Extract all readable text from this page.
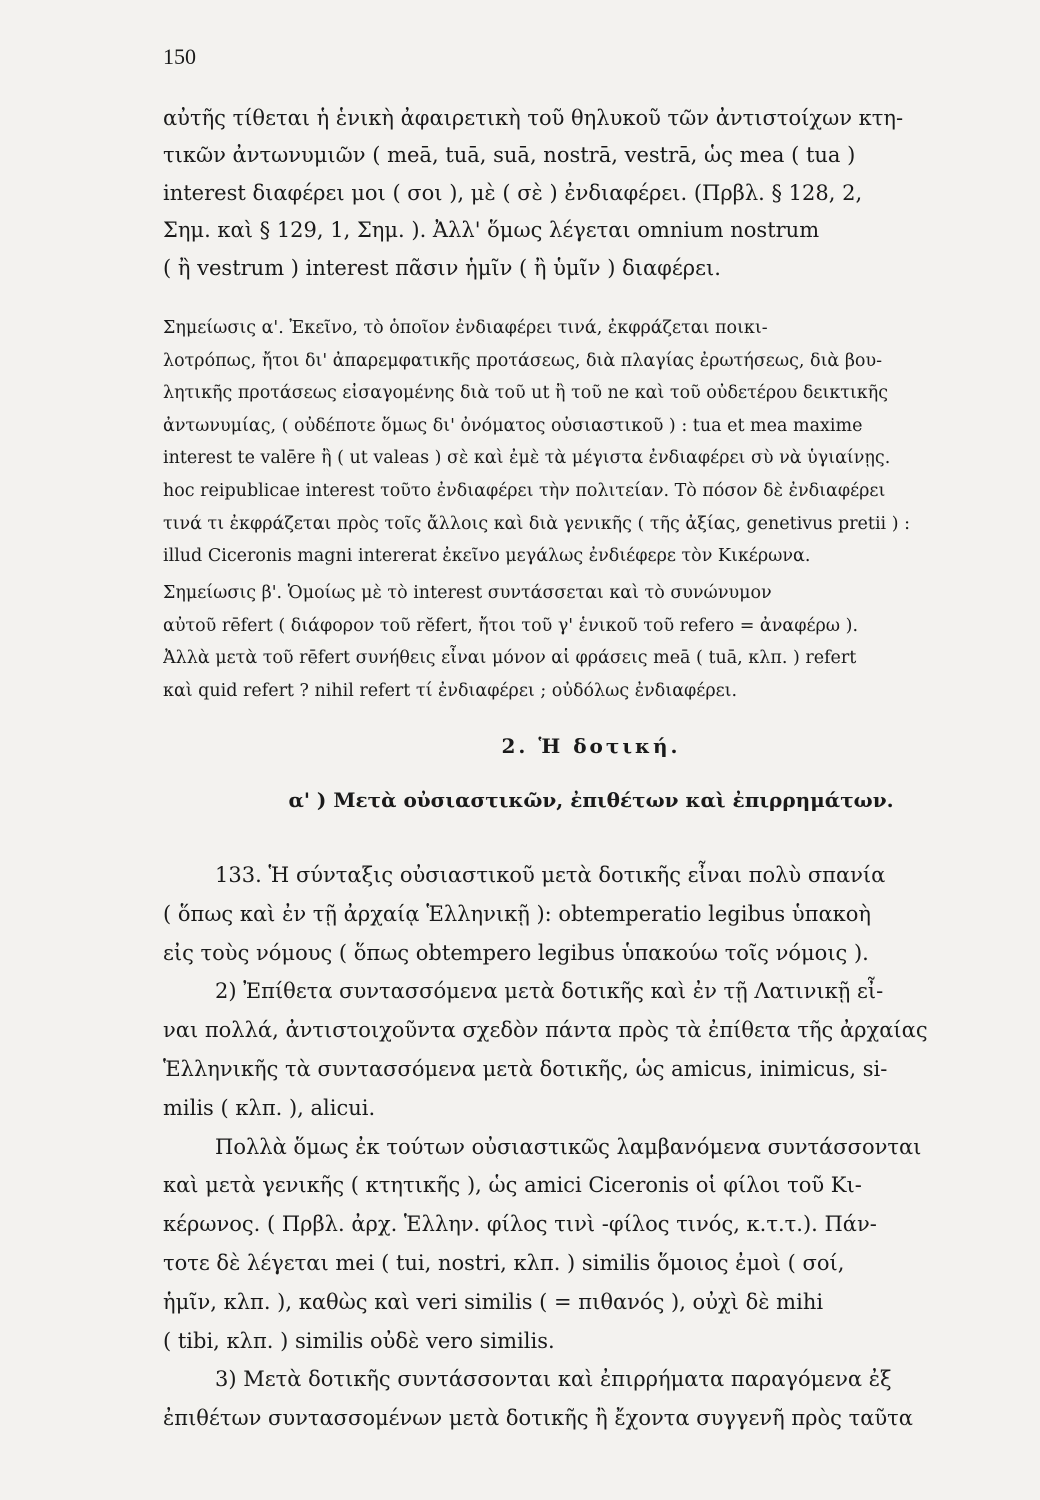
150
αὐτῆς τίθεται ἡ ἑνικὴ ἀφαιρετικὴ τοῦ θηλυκοῦ τῶν ἀντιστοίχων κτη-
τικῶν ἀντωνυμιῶν ( meā, tuā, suā, nostrā, vestrā, ὡς mea ( tua )
interest διαφέρει μοι ( σοι ), μὲ ( σὲ ) ἐνδιαφέρει. (Πρβλ. § 128, 2,
Σημ. καὶ § 129, 1, Σημ. ). Ἀλλ' ὅμως λέγεται omnium nostrum
( ἢ vestrum ) interest πᾶσιν ἡμῖν ( ἢ ὑμῖν ) διαφέρει.
Σημείωσις α'. Ἐκεῖνο, τὸ ὁποῖον ἐνδιαφέρει τινά, ἐκφράζεται ποικι-
λοτρόπως, ἤτοι δι' ἀπαρεμφατικῆς προτάσεως, διὰ πλαγίας ἐρωτήσεως, διὰ βου-
λητικῆς προτάσεως εἰσαγομένης διὰ τοῦ ut ἢ τοῦ ne καὶ τοῦ οὐδετέρου δεικτικῆς
ἀντωνυμίας, ( οὐδέποτε ὅμως δι' ὀνόματος οὐσιαστικοῦ ) : tua et mea maxime
interest te valēre ἢ ( ut valeas ) σὲ καὶ ἐμὲ τὰ μέγιστα ἐνδιαφέρει σὺ νὰ ὑγιαίνῃς.
hoc reipublicae interest τοῦτο ἐνδιαφέρει τὴν πολιτείαν. Τὸ πόσον δὲ ἐνδιαφέρει
τινά τι ἐκφράζεται πρὸς τοῖς ἄλλοις καὶ διὰ γενικῆς ( τῆς ἀξίας, genetivus pretii ) :
illud Ciceronis magni intererat ἐκεῖνο μεγάλως ἐνδιέφερε τὸν Κικέρωνα.
Σημείωσις β'. Ὁμοίως μὲ τὸ interest συντάσσεται καὶ τὸ συνώνυμον
αὐτοῦ rēfert ( διάφορον τοῦ rĕfert, ἤτοι τοῦ γ' ἑνικοῦ τοῦ refero = ἀναφέρω ).
Ἀλλὰ μετὰ τοῦ rēfert συνήθεις εἶναι μόνον αἱ φράσεις meā ( tuā, κλπ. ) refert
καὶ quid refert ? nihil refert τί ἐνδιαφέρει ; οὐδόλως ἐνδιαφέρει.
2. Ἡ δοτική.
α' ) Μετὰ οὐσιαστικῶν, ἐπιθέτων καὶ ἐπιρρημάτων.
133. Ἡ σύνταξις οὐσιαστικοῦ μετὰ δοτικῆς εἶναι πολὺ σπανία
( ὅπως καὶ ἐν τῇ ἀρχαίᾳ Ἑλληνικῇ ): obtemperatio legibus ὑπακοὴ
εἰς τοὺς νόμους ( ὅπως obtempero legibus ὑπακούω τοῖς νόμοις ).
2) Ἐπίθετα συντασσόμενα μετὰ δοτικῆς καὶ ἐν τῇ Λατινικῇ εἶ-
ναι πολλά, ἀντιστοιχοῦντα σχεδὸν πάντα πρὸς τὰ ἐπίθετα τῆς ἀρχαίας
Ἑλληνικῆς τὰ συντασσόμενα μετὰ δοτικῆς, ὡς amicus, inimicus, si-
milis ( κλπ. ), alicui.
Πολλὰ ὅμως ἐκ τούτων οὐσιαστικῶς λαμβανόμενα συντάσσονται
καὶ μετὰ γενικῆς ( κτητικῆς ), ὡς amici Ciceronis οἱ φίλοι τοῦ Κι-
κέρωνος. ( Πρβλ. ἀρχ. Ἑλλην. φίλος τινὶ -φίλος τινός, κ.τ.τ.). Πάν-
τοτε δὲ λέγεται mei ( tui, nostri, κλπ. ) similis ὅμοιος ἐμοὶ ( σοί,
ἡμῖν, κλπ. ), καθὼς καὶ veri similis ( = πιθανός ), οὐχὶ δὲ mihi
( tibi, κλπ. ) similis οὐδὲ vero similis.
3) Μετὰ δοτικῆς συντάσσονται καὶ ἐπιρρήματα παραγόμενα ἐξ
ἐπιθέτων συντασσομένων μετὰ δοτικῆς ἢ ἔχοντα συγγενῆ πρὸς ταῦτα
